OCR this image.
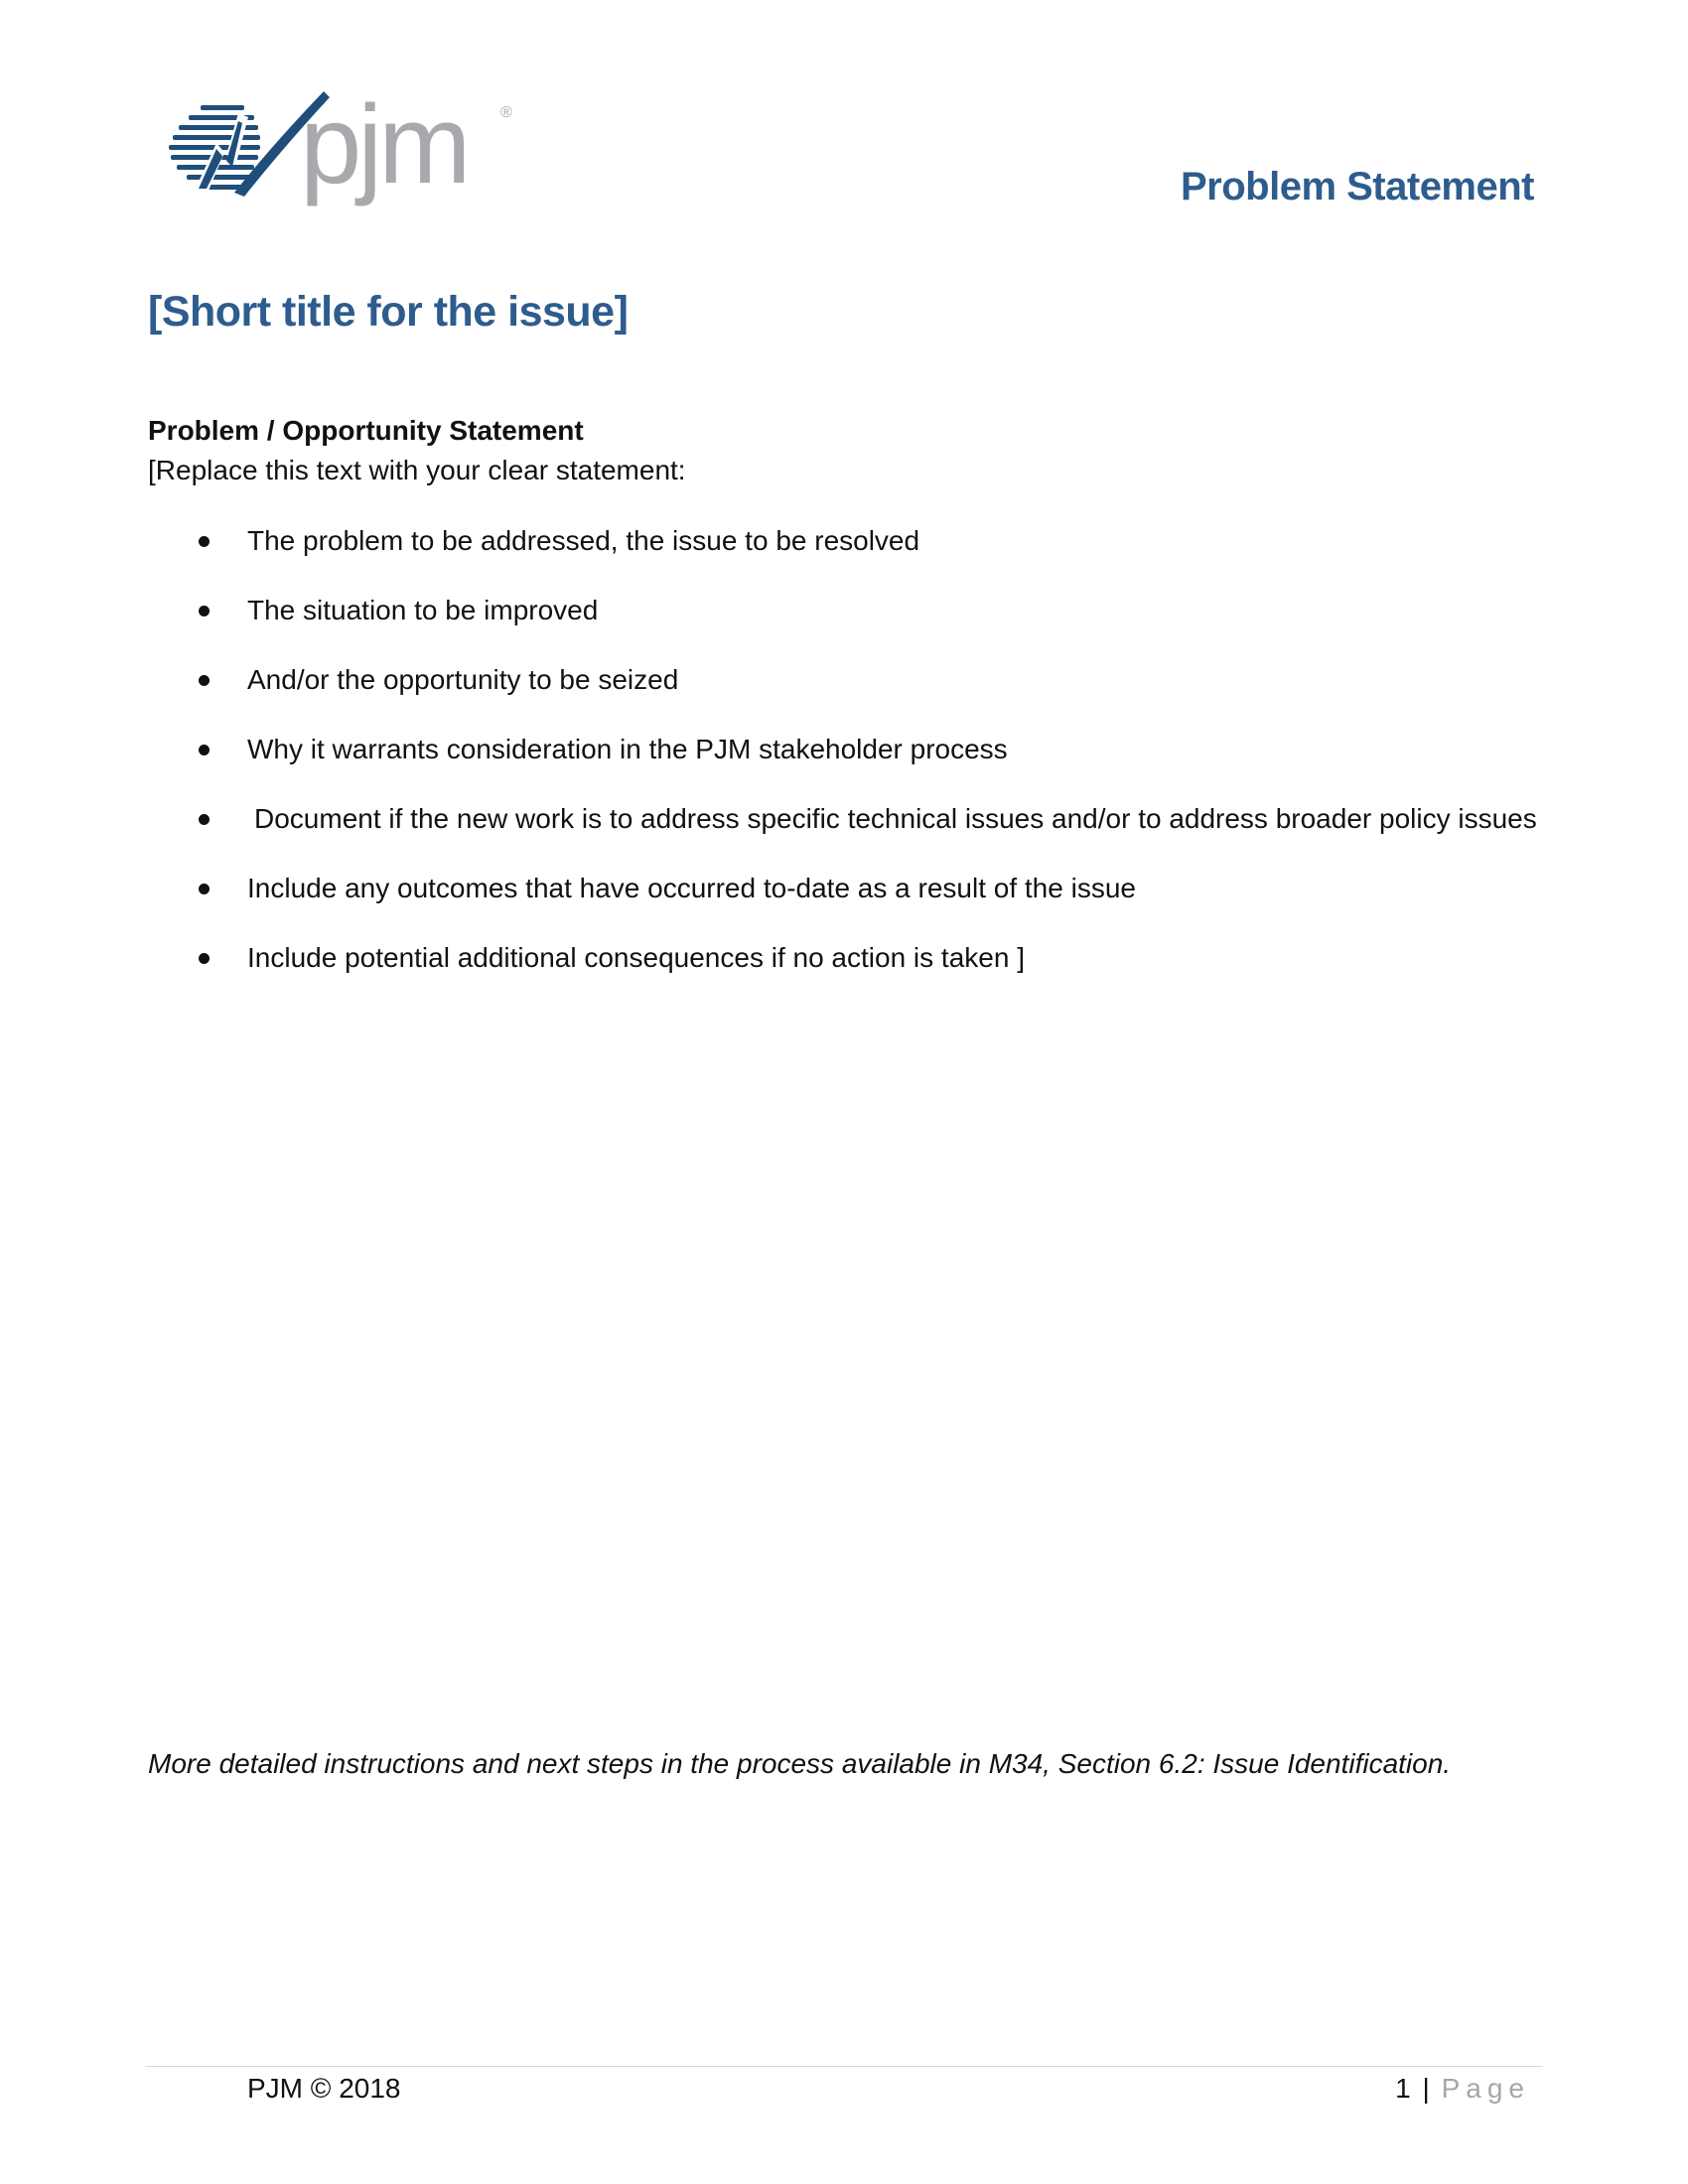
pjm ®
Problem Statement
[Short title for the issue]
Problem / Opportunity Statement
[Replace this text with your clear statement:
The problem to be addressed, the issue to be resolved
The situation to be improved
And/or the opportunity to be seized
Why it warrants consideration in the PJM stakeholder process
Document if the new work is to address specific technical issues and/or to address broader policy issues
Include any outcomes that have occurred to-date as a result of the issue
Include potential additional consequences if no action is taken ]
More detailed instructions and next steps in the process available in M34, Section 6.2: Issue Identification.
PJM © 2018	1 | Page
